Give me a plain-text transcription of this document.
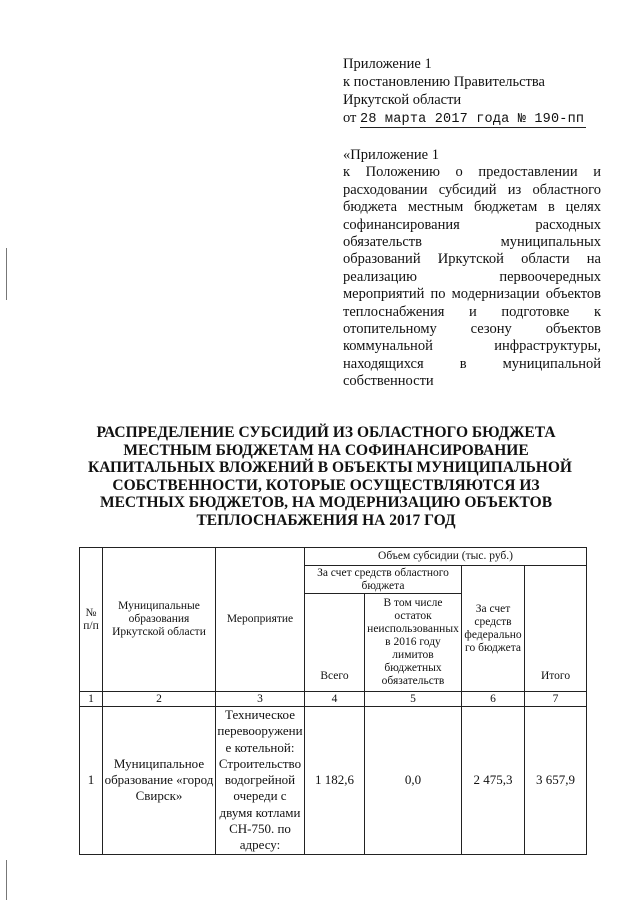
Приложение 1
к постановлению Правительства
Иркутской области
от 28 марта 2017 года № 190-пп

«Приложение 1

к Положению о предоставлении и расходовании субсидий из областного бюджета местным бюджетам в целях софинансирования расходных обязательств муниципальных образований Иркутской области на реализацию первоочередных мероприятий по модернизации объектов теплоснабжения и подготовке к отопительному сезону объектов коммунальной инфраструктуры, находящихся в муниципальной собственности

РАСПРЕДЕЛЕНИЕ СУБСИДИЙ ИЗ ОБЛАСТНОГО БЮДЖЕТА
МЕСТНЫМ БЮДЖЕТАМ НА СОФИНАНСИРОВАНИЕ
КАПИТАЛЬНЫХ ВЛОЖЕНИЙ В ОБЪЕКТЫ МУНИЦИПАЛЬНОЙ
СОБСТВЕННОСТИ, КОТОРЫЕ ОСУЩЕСТВЛЯЮТСЯ ИЗ
МЕСТНЫХ БЮДЖЕТОВ, НА МОДЕРНИЗАЦИЮ ОБЪЕКТОВ
ТЕПЛОСНАБЖЕНИЯ НА 2017 ГОД
№ п/п	Муниципальные образования Иркутской области	Мероприятие	Объем субсидии (тыс. руб.)			
			За счет средств областного бюджета		За счет средств федерального бюджета	Итого
			Всего	В том числе остаток неиспользованных в 2016 году лимитов бюджетных обязательств		
1	2	3	4	5	6	7
1	Муниципальное образование «город Свирск»	Техническое перевооружение котельной: Строительство водогрейной очереди с двумя котлами СН-750. по адресу:	1 182,6	0,0	2 475,3	3 657,9
